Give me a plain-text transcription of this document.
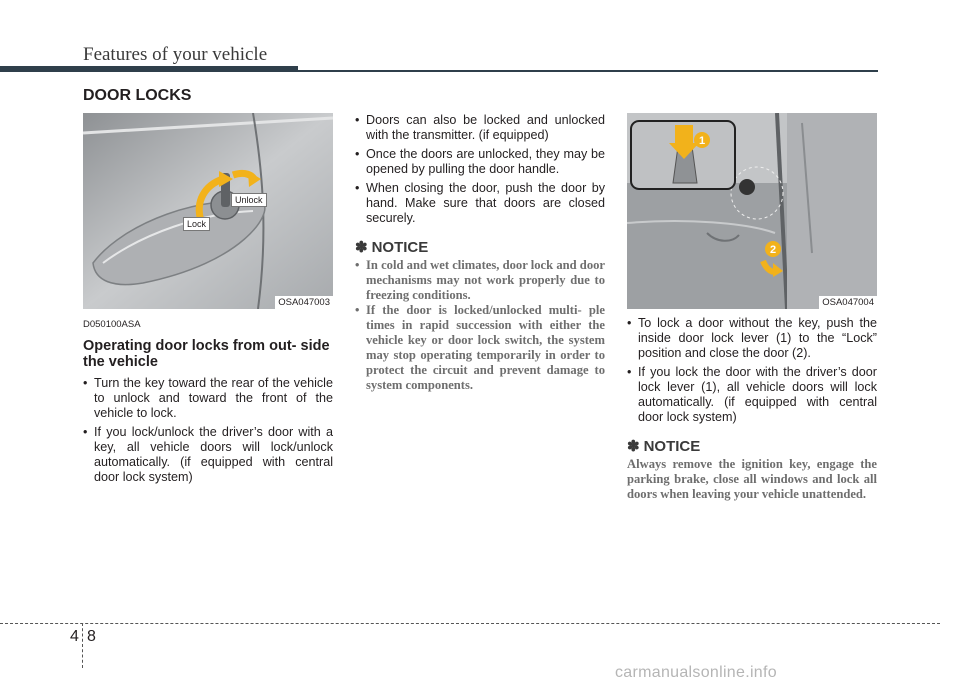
Features of your vehicle
DOOR LOCKS
Unlock
Lock
OSA047003
1
2
OSA047004
D050100ASA
Operating door locks from out- side the vehicle
• Turn the key toward the rear of the vehicle to unlock and toward the front of the vehicle to lock.
• If you lock/unlock the driver’s door with a key, all vehicle doors will lock/unlock automatically. (if equipped with central door lock system)
• Doors can also be locked and unlocked with the transmitter. (if equipped)
• Once the doors are unlocked, they may be opened by pulling the door handle.
• When closing the door, push the door by hand. Make sure that doors are closed securely.
✽ NOTICE
• In cold and wet climates, door lock and door mechanisms may not work properly due to freezing conditions.
• If the door is locked/unlocked multi- ple times in rapid succession with either the vehicle key or door lock switch, the system may stop operating temporarily in order to protect the circuit and prevent damage to system components.
• To lock a door without the key, push the inside door lock lever (1) to the “Lock” position and close the door (2).
• If you lock the door with the driver’s door lock lever (1), all vehicle doors will lock automatically. (if equipped with central door lock system)
✽ NOTICE
Always remove the ignition key, engage the parking brake, close all windows and lock all doors when leaving your vehicle unattended.
4 8
carmanualsonline.info
